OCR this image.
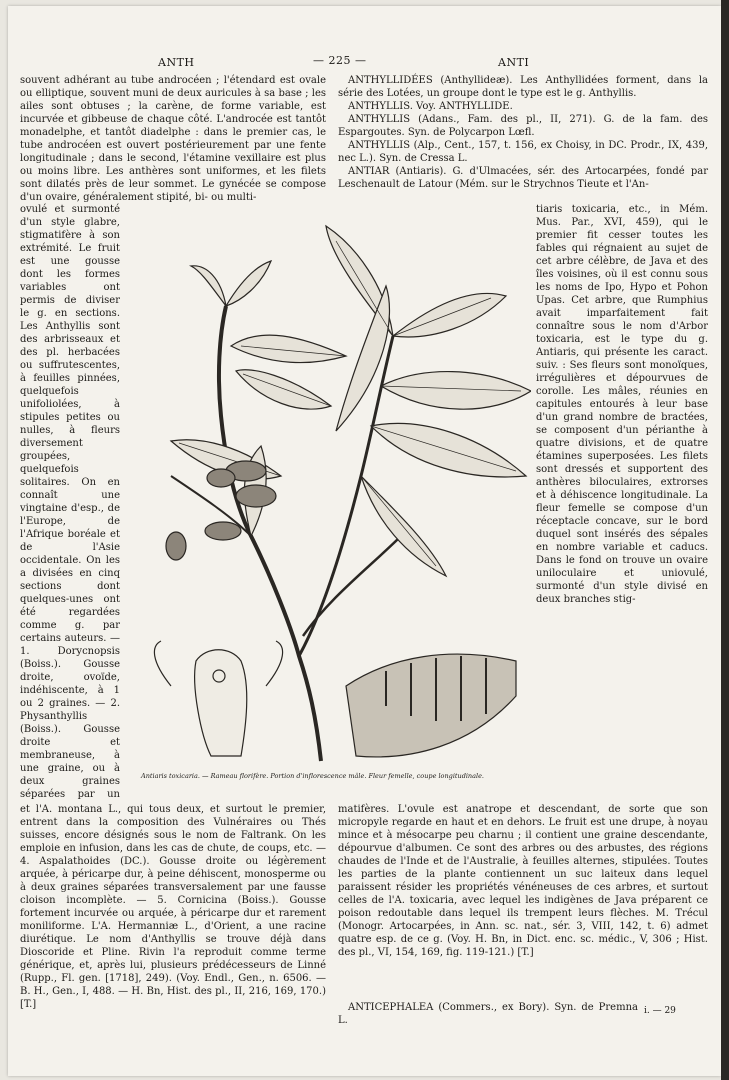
ANTH	— 225 —	ANTI

souvent adhérant au tube androcéen ; l'étendard est ovale ou elliptique, souvent muni de deux auricules à sa base ; les ailes sont obtuses ; la carène, de forme variable, est incurvée et gibbeuse de chaque côté. L'androcée est tantôt monadelphe, et tantôt diadelphe : dans le premier cas, le tube androcéen est ouvert postérieurement par une fente longitudinale ; dans le second, l'étamine vexillaire est plus ou moins libre. Les anthères sont uniformes, et les filets sont dilatés près de leur sommet. Le gynécée se compose d'un ovaire, généralement stipité, bi- ou multi-

ovulé et surmonté d'un style glabre, stigmatifère à son extrémité. Le fruit est une gousse dont les formes variables ont permis de diviser le g. en sections. Les Anthyllis sont des arbrisseaux et des pl. herbacées ou suffrutescentes, à feuilles pinnées, quelquefois unifoliolées, à stipules petites ou nulles, à fleurs diversement groupées, quelquefois solitaires. On en connaît une vingtaine d'esp., de l'Europe, de l'Afrique boréale et de l'Asie occidentale. On les a divisées en cinq sections dont quelques-unes ont été regardées comme g. par certains auteurs. — 1. Dorycnopsis (Boiss.). Gousse droite, ovoïde, indéhiscente, à 1 ou 2 graines. — 2. Physanthyllis (Boiss.). Gousse droite et membraneuse, à une graine, ou à deux graines séparées par un

et l'A. montana L., qui tous deux, et surtout le premier, entrent dans la composition des Vulnéraires ou Thés suisses, encore désignés sous le nom de Faltrank. On les emploie en infusion, dans les cas de chute, de coups, etc. — 4. Aspalathoides (DC.). Gousse droite ou légèrement arquée, à péricarpe dur, à peine déhiscent, monosperme ou à deux graines séparées transversalement par une fausse cloison incomplète. — 5. Cornicina (Boiss.). Gousse fortement incurvée ou arquée, à péricarpe dur et rarement moniliforme. L'A. Hermanniæ L., d'Orient, a une racine diurétique. Le nom d'Anthyllis se trouve déjà dans Dioscoride et Pline. Rivin l'a reproduit comme terme générique, et, après lui, plusieurs prédécesseurs de Linné (Rupp., Fl. gen. [1718], 249). (Voy. Endl., Gen., n. 6506. — B. H., Gen., I, 488. — H. Bn, Hist. des pl., II, 216, 169, 170.) [T.]

ANTHYLLIDÉES (Anthyllideæ). Les Anthyllidées forment, dans la série des Lotées, un groupe dont le type est le g. Anthyllis.

ANTHYLLIS. Voy. ANTHYLLIDE.

ANTHYLLIS (Adans., Fam. des pl., II, 271). G. de la fam. des Espargoutes. Syn. de Polycarpon Lœfl.

ANTHYLLIS (Alp., Cent., 157, t. 156, ex Choisy, in DC. Prodr., IX, 439, nec L.). Syn. de Cressa L.

ANTIAR (Antiaris). G. d'Ulmacées, sér. des Artocarpées, fondé par Leschenault de Latour (Mém. sur le Strychnos Tieute et l'An-

tiaris toxicaria, etc., in Mém. Mus. Par., XVI, 459), qui le premier fit cesser toutes les fables qui régnaient au sujet de cet arbre célèbre, de Java et des îles voisines, où il est connu sous les noms de Ipo, Hypo et Pohon Upas. Cet arbre, que Rumphius avait imparfaitement fait connaître sous le nom d'Arbor toxicaria, est le type du g. Antiaris, qui présente les caract. suiv. : Ses fleurs sont monoïques, irrégulières et dépourvues de corolle. Les mâles, réunies en capitules entourés à leur base d'un grand nombre de bractées, se composent d'un périanthe à quatre divisions, et de quatre étamines superposées. Les filets sont dressés et supportent des anthères biloculaires, extrorses et à déhiscence longitudinale. La fleur femelle se compose d'un réceptacle concave, sur le bord duquel sont insérés des sépales en nombre variable et caducs. Dans le fond on trouve un ovaire uniloculaire et uniovulé, surmonté d'un style divisé en deux branches stig-

matifères. L'ovule est anatrope et descendant, de sorte que son micropyle regarde en haut et en dehors. Le fruit est une drupe, à noyau mince et à mésocarpe peu charnu ; il contient une graine descendante, dépourvue d'albumen. Ce sont des arbres ou des arbustes, des régions chaudes de l'Inde et de l'Australie, à feuilles alternes, stipulées. Toutes les parties de la plante contiennent un suc laiteux dans lequel paraissent résider les propriétés vénéneuses de ces arbres, et surtout celles de l'A. toxicaria, avec lequel les indigènes de Java préparent ce poison redoutable dans lequel ils trempent leurs flèches. M. Trécul (Monogr. Artocarpées, in Ann. sc. nat., sér. 3, VIII, 142, t. 6) admet quatre esp. de ce g. (Voy. H. Bn, in Dict. enc. sc. médic., V, 306 ; Hist. des pl., VI, 154, 169, fig. 119-121.) [T.]

ANTICEPHALEA (Commers., ex Bory). Syn. de Premna L.

i. — 29
Antiaris toxicaria. — Rameau florifère. Portion d'inflorescence mâle. Fleur femelle, coupe longitudinale.
